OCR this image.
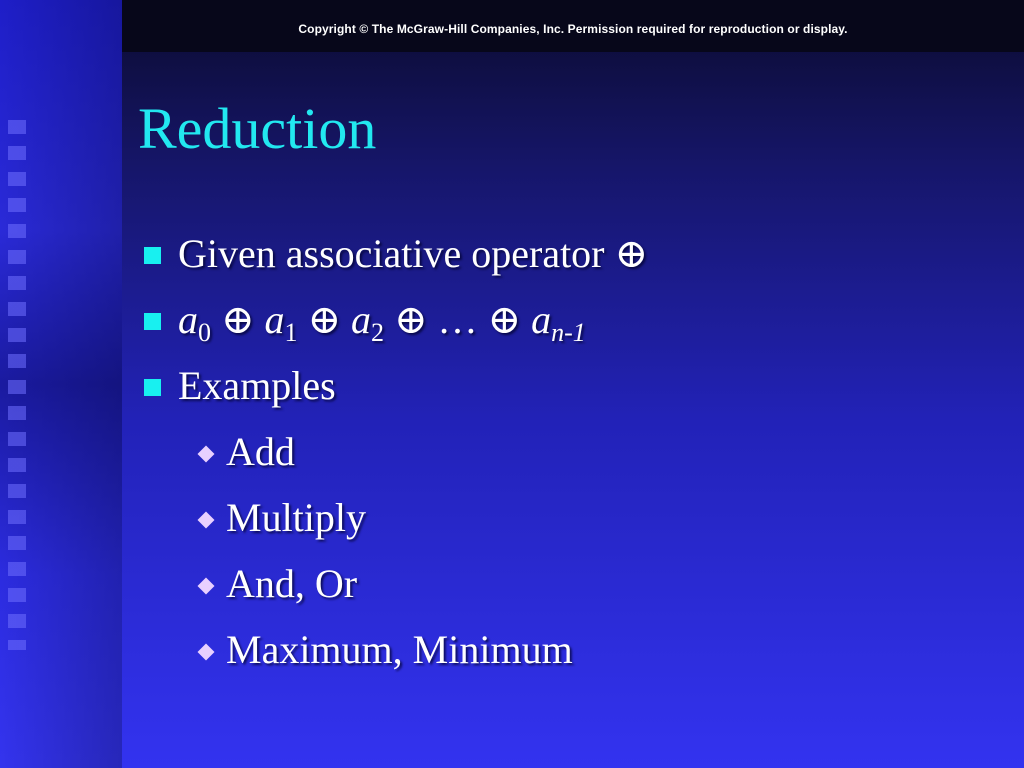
Copyright © The McGraw-Hill Companies, Inc. Permission required for reproduction or display.
Reduction
Given associative operator ⊕
$a_0$ ⊕ $a_1$ ⊕ $a_2$ ⊕ … ⊕ $a_{n-1}$
Examples
Add
Multiply
And, Or
Maximum, Minimum
